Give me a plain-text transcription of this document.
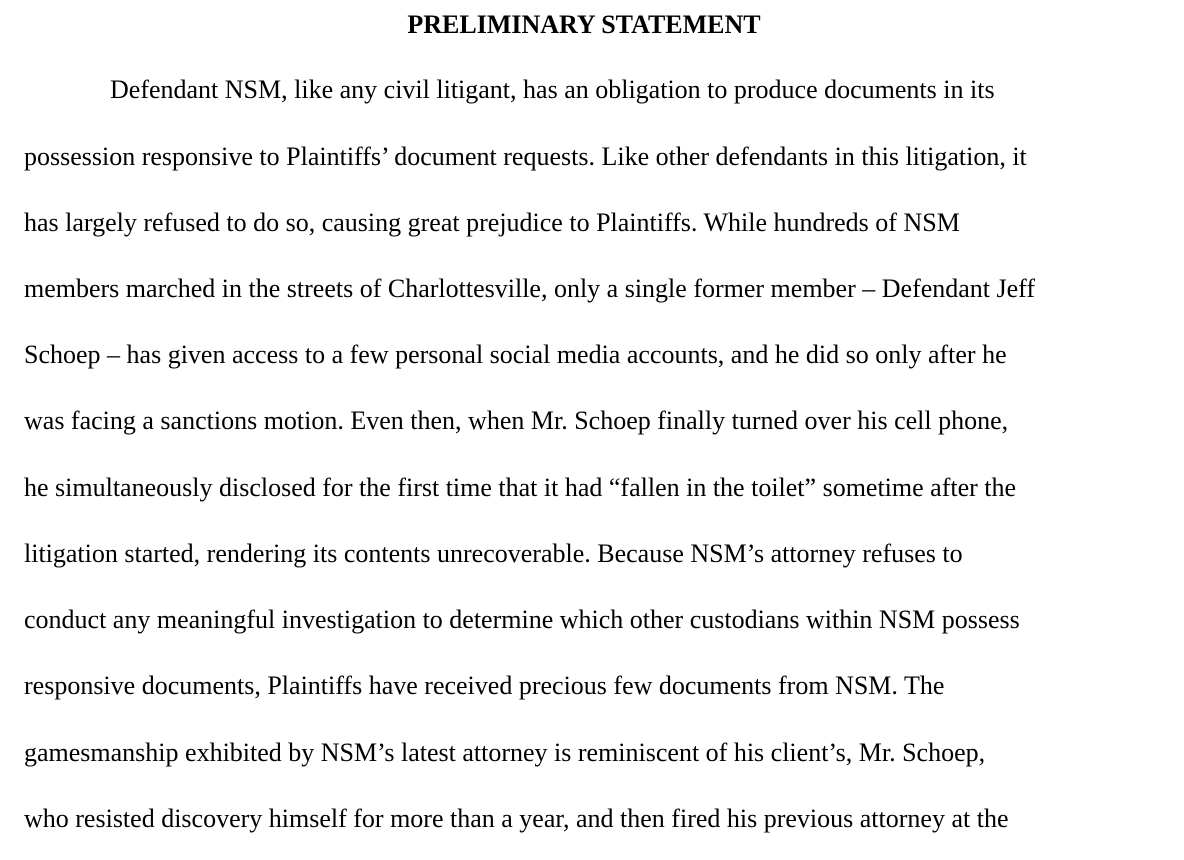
PRELIMINARY STATEMENT
Defendant NSM, like any civil litigant, has an obligation to produce documents in its
possession responsive to Plaintiffs’ document requests. Like other defendants in this litigation, it
has largely refused to do so, causing great prejudice to Plaintiffs. While hundreds of NSM
members marched in the streets of Charlottesville, only a single former member – Defendant Jeff
Schoep – has given access to a few personal social media accounts, and he did so only after he
was facing a sanctions motion. Even then, when Mr. Schoep finally turned over his cell phone,
he simultaneously disclosed for the first time that it had “fallen in the toilet” sometime after the
litigation started, rendering its contents unrecoverable. Because NSM’s attorney refuses to
conduct any meaningful investigation to determine which other custodians within NSM possess
responsive documents, Plaintiffs have received precious few documents from NSM. The
gamesmanship exhibited by NSM’s latest attorney is reminiscent of his client’s, Mr. Schoep,
who resisted discovery himself for more than a year, and then fired his previous attorney at the
